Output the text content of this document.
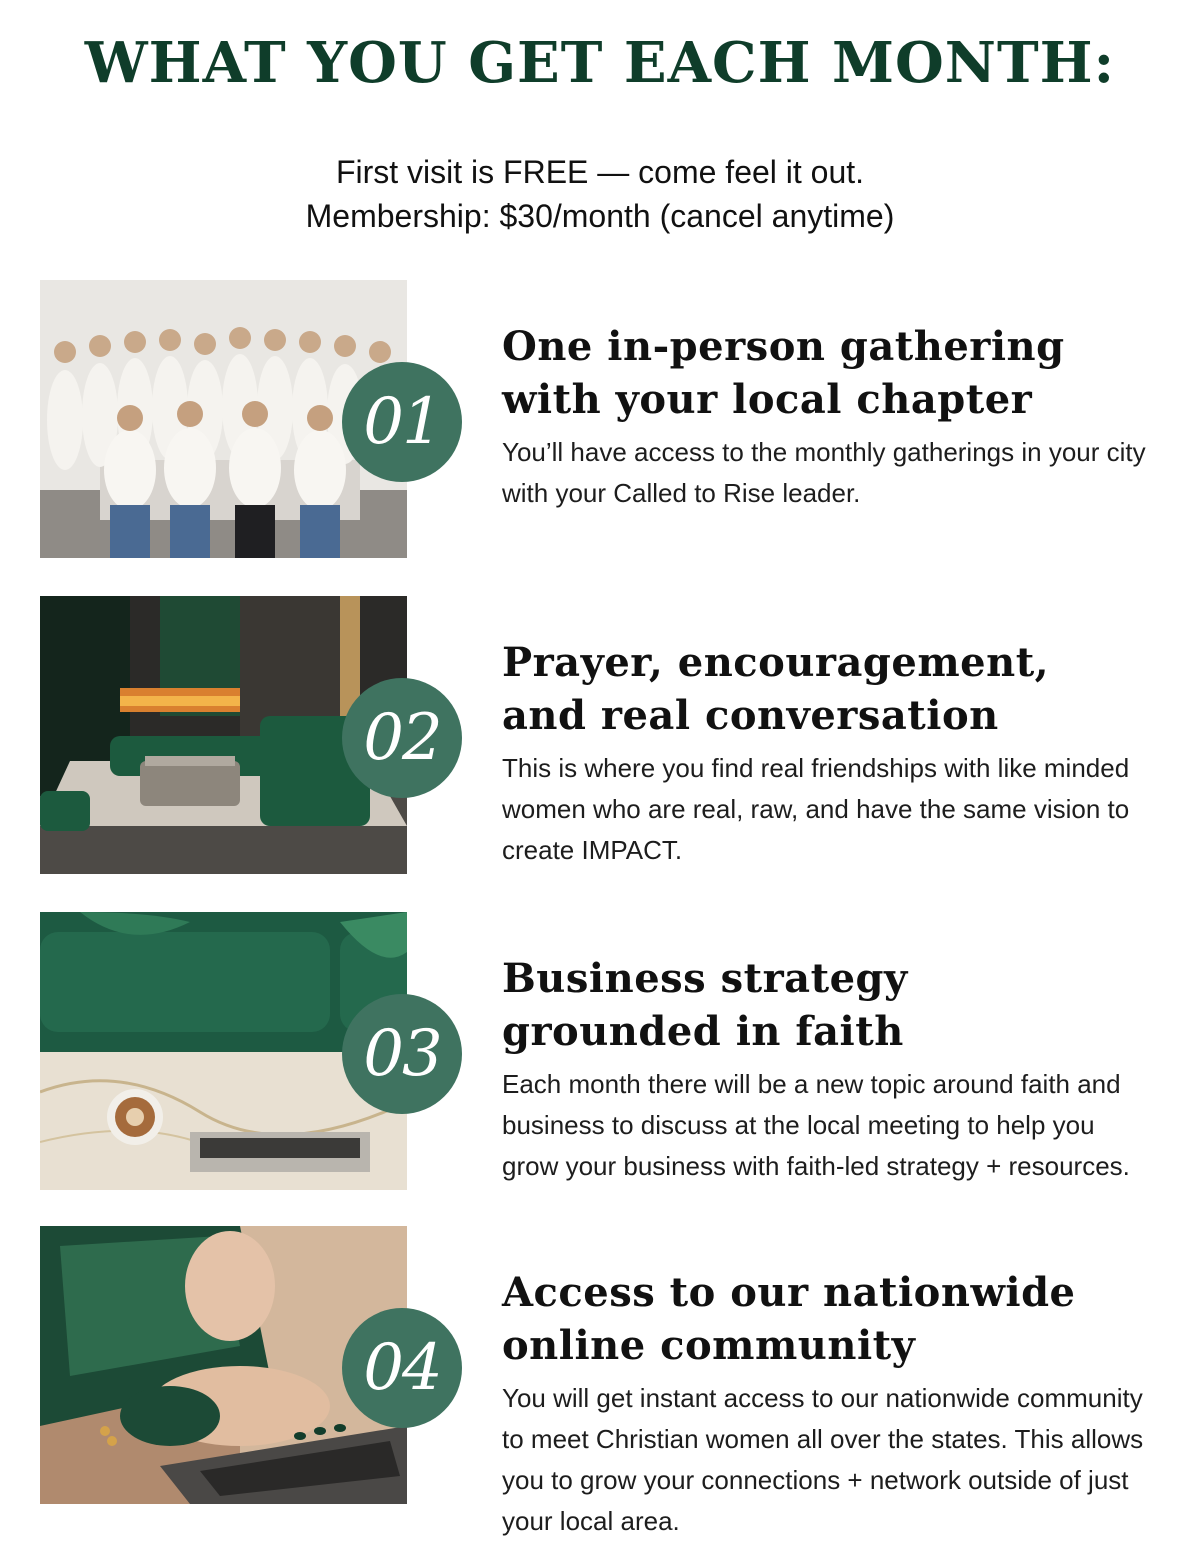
WHAT YOU GET EACH MONTH:
First visit is FREE — come feel it out.
Membership: $30/month (cancel anytime)
01
One in-person gathering
with your local chapter

You’ll have access to the monthly gatherings in your city with your Called to Rise leader.

02
Prayer, encouragement,
and real conversation

This is where you find real friendships with like minded women who are real, raw, and have the same vision to create IMPACT.

03
Business strategy
grounded in faith

Each month there will be a new topic around faith and business to discuss at the local meeting to help you grow your business with faith-led strategy + resources.

04
Access to our nationwide
online community

You will get instant access to our nationwide community to meet Christian women all over the states. This allows you to grow your connections + network outside of just your local area.
